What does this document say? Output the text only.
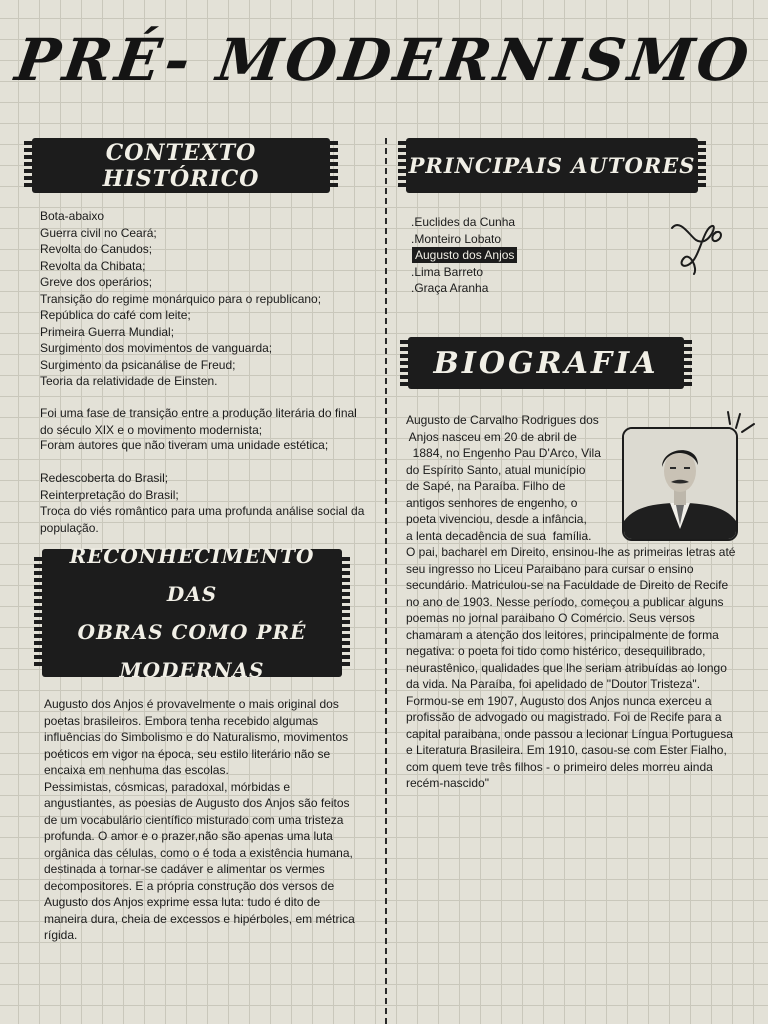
PRÉ- MODERNISMO
CONTEXTO HISTÓRICO
Bota-abaixo
Guerra civil no Ceará;
Revolta do Canudos;
Revolta da Chibata;
Greve dos operários;
Transição do regime monárquico para o republicano;
República do café com leite;
Primeira Guerra Mundial;
Surgimento dos movimentos de vanguarda;
Surgimento da psicanálise de Freud;
Teoria da relatividade de Einsten.

Foi uma fase de transição entre a produção literária do final do século XIX e o movimento modernista;

Foram autores que não tiveram uma unidade estética;

Redescoberta do Brasil;
Reinterpretação do Brasil;
Troca do viés romântico para uma profunda análise social da população.
RECONHECIMENTO DAS
OBRAS COMO PRÉ
MODERNAS
Augusto dos Anjos é provavelmente o mais original dos poetas brasileiros. Embora tenha recebido algumas influências do Simbolismo e do Naturalismo, movimentos poéticos em vigor na época, seu estilo literário não se encaixa em nenhuma das escolas.
Pessimistas, cósmicas, paradoxal, mórbidas e angustiantes, as poesias de Augusto dos Anjos são feitos de um vocabulário científico misturado com uma tristeza profunda. O amor e o prazer,não são apenas uma luta orgânica das células, como o é toda a existência humana, destinada a tornar-se cadáver e alimentar os vermes decompositores. E a própria construção dos versos de Augusto dos Anjos exprime essa luta: tudo é dito de maneira dura, cheia de excessos e hipérboles, em métrica rígida.
PRINCIPAIS AUTORES
.Euclides da Cunha
.Monteiro Lobato
Augusto dos Anjos
.Lima Barreto
.Graça Aranha
BIOGRAFIA
Augusto de Carvalho Rodrigues dos
Anjos nasceu em 20 de abril de
1884, no Engenho Pau D'Arco, Vila
do Espírito Santo, atual município
de Sapé, na Paraíba. Filho de
antigos senhores de engenho, o
poeta vivenciou, desde a infância,
a lenta decadência de sua  família.
O pai, bacharel em Direito, ensinou-lhe as primeiras letras até seu ingresso no Liceu Paraibano para cursar o ensino secundário. Matriculou-se na Faculdade de Direito de Recife no ano de 1903. Nesse período, começou a publicar alguns poemas no jornal paraibano O Comércio. Seus versos chamaram a atenção dos leitores, principalmente de forma negativa: o poeta foi tido como histérico, desequilibrado, neurastênico, qualidades que lhe seriam atribuídas ao longo da vida. Na Paraíba, foi apelidado de "Doutor Tristeza".
Formou-se em 1907, Augusto dos Anjos nunca exerceu a profissão de advogado ou magistrado. Foi de Recife para a capital paraibana, onde passou a lecionar Língua Portuguesa e Literatura Brasileira. Em 1910, casou-se com Ester Fialho, com quem teve três filhos - o primeiro deles morreu ainda recém-nascido"
